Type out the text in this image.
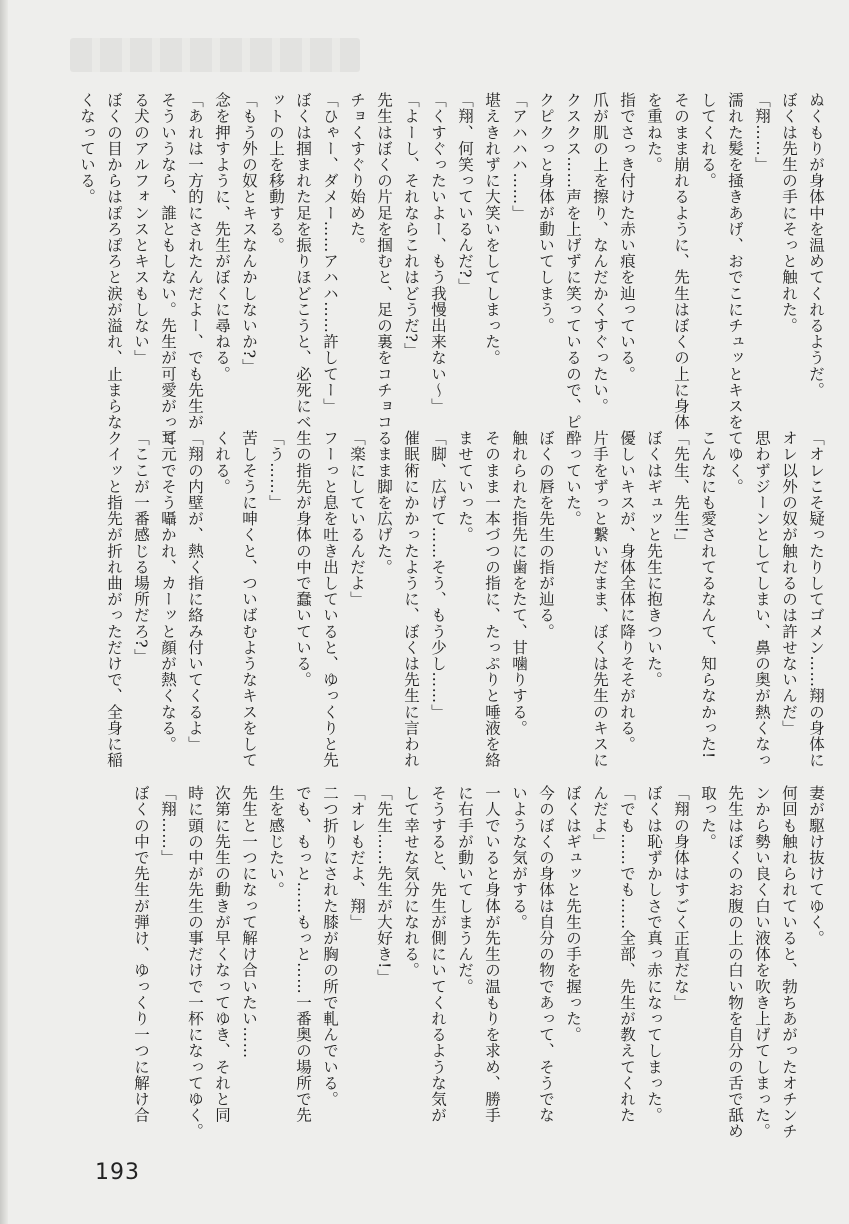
ぬくもりが身体中を温めてくれるようだ。
ぼくは先生の手にそっと触れた。
「翔……」
濡れた髪を掻きあげ、おでこにチュッとキスを
してくれる。
そのまま崩れるように、先生はぼくの上に身体
を重ねた。
指でさっき付けた赤い痕を辿っている。
爪が肌の上を擦り、なんだかくすぐったい。
クスクス……声を上げずに笑っているので、ピ
クピクっと身体が動いてしまう。
「アハハハ……」
堪えきれずに大笑いをしてしまった。
「翔、何笑っているんだ?」
「くすぐったいよー、もう我慢出来ない〜」
「よーし、それならこれはどうだ?」
先生はぼくの片足を掴むと、足の裏をコチョコ
チョくすぐり始めた。
「ひゃー、ダメー……アハハ……許してー」
ぼくは掴まれた足を振りほどこうと、必死にベ
ットの上を移動する。
「もう外の奴とキスなんかしないか?」
念を押すように、先生がぼくに尋ねる。
「あれは一方的にされたんだよー、でも先生が
そういうなら、誰ともしない。先生が可愛がって
る犬のアルフォンスとキスもしない」
ぼくの目からはぽろぽろと涙が溢れ、止まらな
くなっている。
「オレこそ疑ったりしてゴメン……翔の身体に
オレ以外の奴が触れるのは許せないんだ」
思わずジーンとしてしまい、鼻の奥が熱くなっ
てゆく。
こんなにも愛されてるなんて、知らなかった!
「先生、先生!」
ぼくはギュッと先生に抱きついた。
優しいキスが、身体全体に降りそそがれる。
片手をずっと繋いだまま、ぼくは先生のキスに
酔っていた。
ぼくの唇を先生の指が辿る。
触れられた指先に歯をたて、甘噛りする。
そのまま一本づつの指に、たっぷりと唾液を絡
ませていった。
「脚、広げて……そう、もう少し……」
催眠術にかかったように、ぼくは先生に言われ
るまま脚を広げた。
「楽にしているんだよ」
フーっと息を吐き出していると、ゆっくりと先
生の指先が身体の中で蠢いている。
「う……」
苦しそうに呻くと、ついばむようなキスをして
くれる。
「翔の内壁が、熱く指に絡み付いてくるよ」
耳元でそう囁かれ、カーッと顔が熱くなる。
「ここが一番感じる場所だろ?」
クイッと指先が折れ曲がっただけで、全身に稲
妻が駆け抜けてゆく。
何回も触れられていると、勃ちあがったオチンチ
ンから勢い良く白い液体を吹き上げてしまった。
先生はぼくのお腹の上の白い物を自分の舌で舐め
取った。
「翔の身体はすごく正直だな」
ぼくは恥ずかしさで真っ赤になってしまった。
「でも……でも……全部、先生が教えてくれた
んだよ」
ぼくはギュッと先生の手を握った。
今のぼくの身体は自分の物であって、そうでな
いような気がする。
一人でいると身体が先生の温もりを求め、勝手
に右手が動いてしまうんだ。
そうすると、先生が側にいてくれるような気が
して幸せな気分になれる。
「先生……先生が大好き!」
「オレもだよ、翔」
二つ折りにされた膝が胸の所で軋んでいる。
でも、もっと……もっと……一番奥の場所で先
生を感じたい。
先生と一つになって解け合いたい……
次第に先生の動きが早くなってゆき、それと同
時に頭の中が先生の事だけで一杯になってゆく。
「翔……」
ぼくの中で先生が弾け、ゆっくり一つに解け合
193
